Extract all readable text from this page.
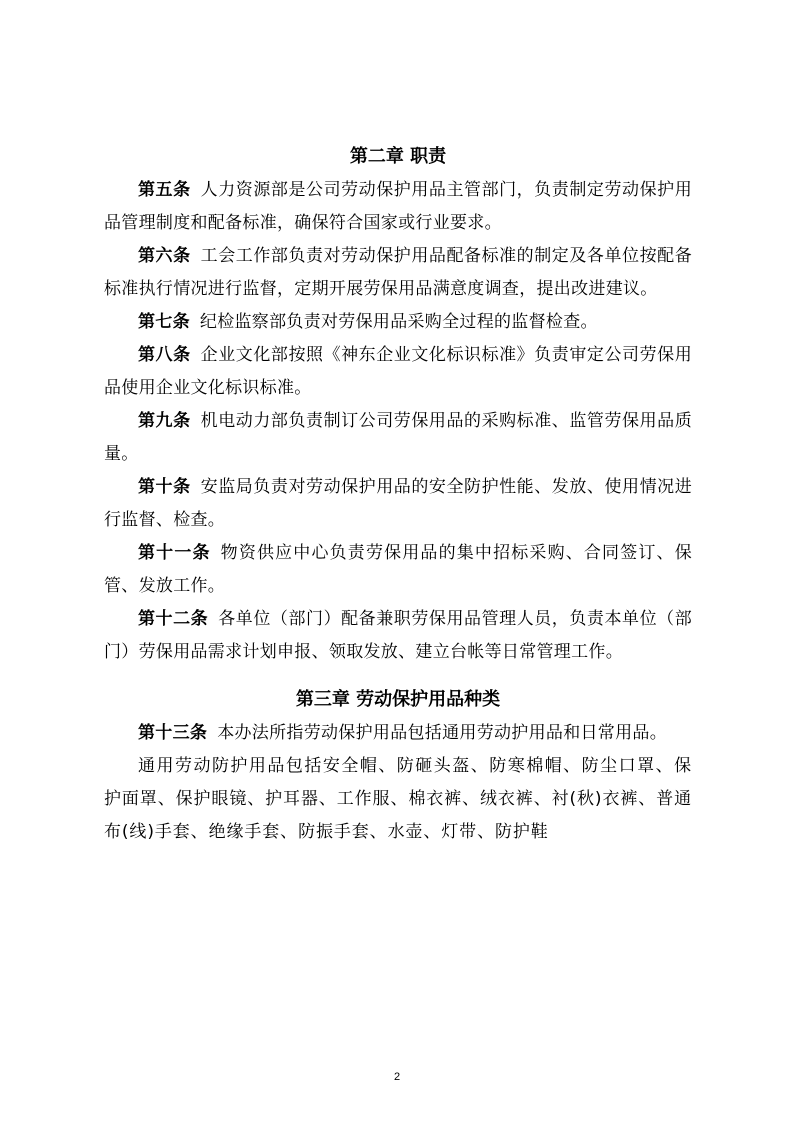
第二章 职责

第五条 人力资源部是公司劳动保护用品主管部门，负责制定劳动保护用品管理制度和配备标准，确保符合国家或行业要求。

第六条 工会工作部负责对劳动保护用品配备标准的制定及各单位按配备标准执行情况进行监督，定期开展劳保用品满意度调查，提出改进建议。

第七条 纪检监察部负责对劳保用品采购全过程的监督检查。

第八条 企业文化部按照《神东企业文化标识标准》负责审定公司劳保用品使用企业文化标识标准。

第九条 机电动力部负责制订公司劳保用品的采购标准、监管劳保用品质量。

第十条 安监局负责对劳动保护用品的安全防护性能、发放、使用情况进行监督、检查。

第十一条 物资供应中心负责劳保用品的集中招标采购、合同签订、保管、发放工作。

第十二条 各单位（部门）配备兼职劳保用品管理人员，负责本单位（部门）劳保用品需求计划申报、领取发放、建立台帐等日常管理工作。

第三章 劳动保护用品种类

第十三条 本办法所指劳动保护用品包括通用劳动护用品和日常用品。

通用劳动防护用品包括安全帽、防砸头盔、防寒棉帽、防尘口罩、保护面罩、保护眼镜、护耳器、工作服、棉衣裤、绒衣裤、衬(秋)衣裤、普通布(线)手套、绝缘手套、防振手套、水壶、灯带、防护鞋

2
